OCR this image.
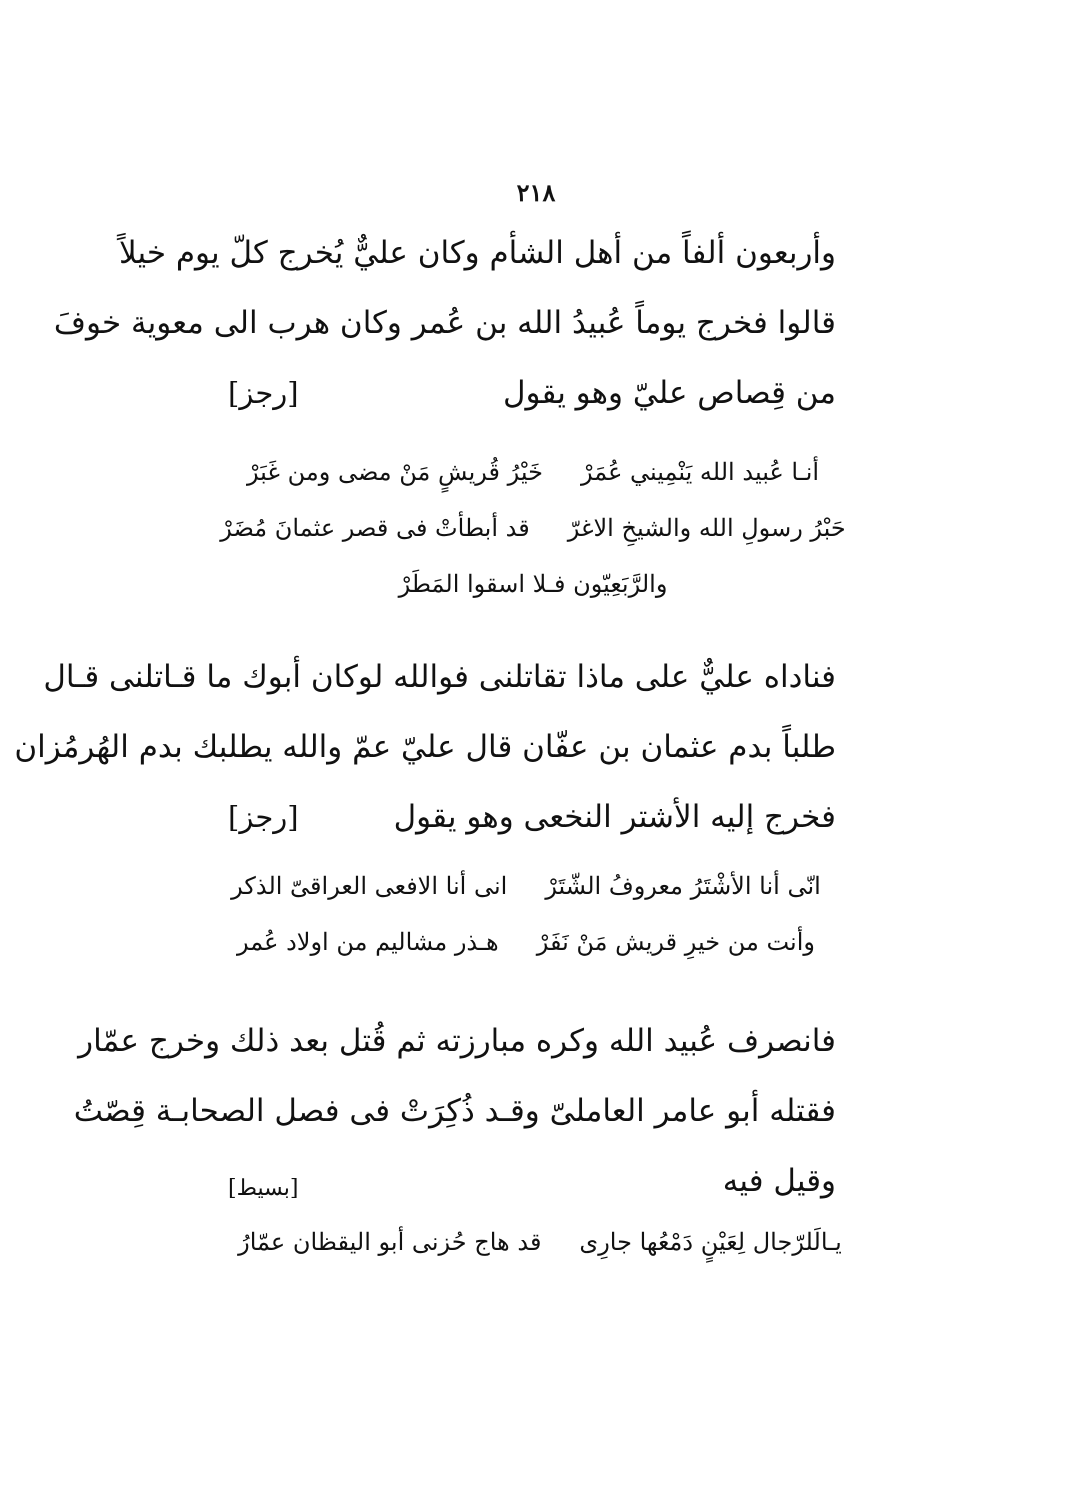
٢١٨
وأربعون ألفاً من أهل الشأم وكان عليٌّ يُخرج كلّ يوم خيلاً
قالوا فخرج يوماً عُبيدُ الله بن عُمر وكان هرب الى معوية خوفَ
من قِصاص عليّ وهو يقول
[رجز]
أنـا عُبيد الله يَنْمِيني عُمَرْ
خَيْرُ قُريشٍ مَنْ مضى ومن غَبَرْ
حَبْرُ رسولِ الله والشيخِ الاغرّ
قد أبطأتْ فى قصر عثمانَ مُضَرْ
والرَّبَعِيّون فـلا اسقوا المَطَرْ
فناداه عليٌّ على ماذا تقاتلنى فوالله لوكان أبوك ما قـاتلنى قـال
طلباً بدم عثمان بن عفّان قال عليّ عمّ والله يطلبك بدم الهُرمُزان
فخرج إليه الأشتر النخعى وهو يقول
[رجز]
انّى أنا الأشْتَرُ معروفُ الشّتَرْ
انى أنا الافعى العراقىّ الذكر
وأنت من خيرِ قريش مَنْ نَفَرْ
هـذر مشاليم من اولاد عُمر
فانصرف عُبيد الله وكره مبارزته ثم قُتل بعد ذلك وخرج عمّار
فقتله أبو عامر العاملىّ وقـد ذُكِرَتْ فى فصل الصحابـة قِصّتُ
وقيل فيه
[بسيط]
يـالَلرّجال لِعَيْنٍ دَمْعُها جارِى
قد هاج حُزنى أبو اليقظان عمّارُ
